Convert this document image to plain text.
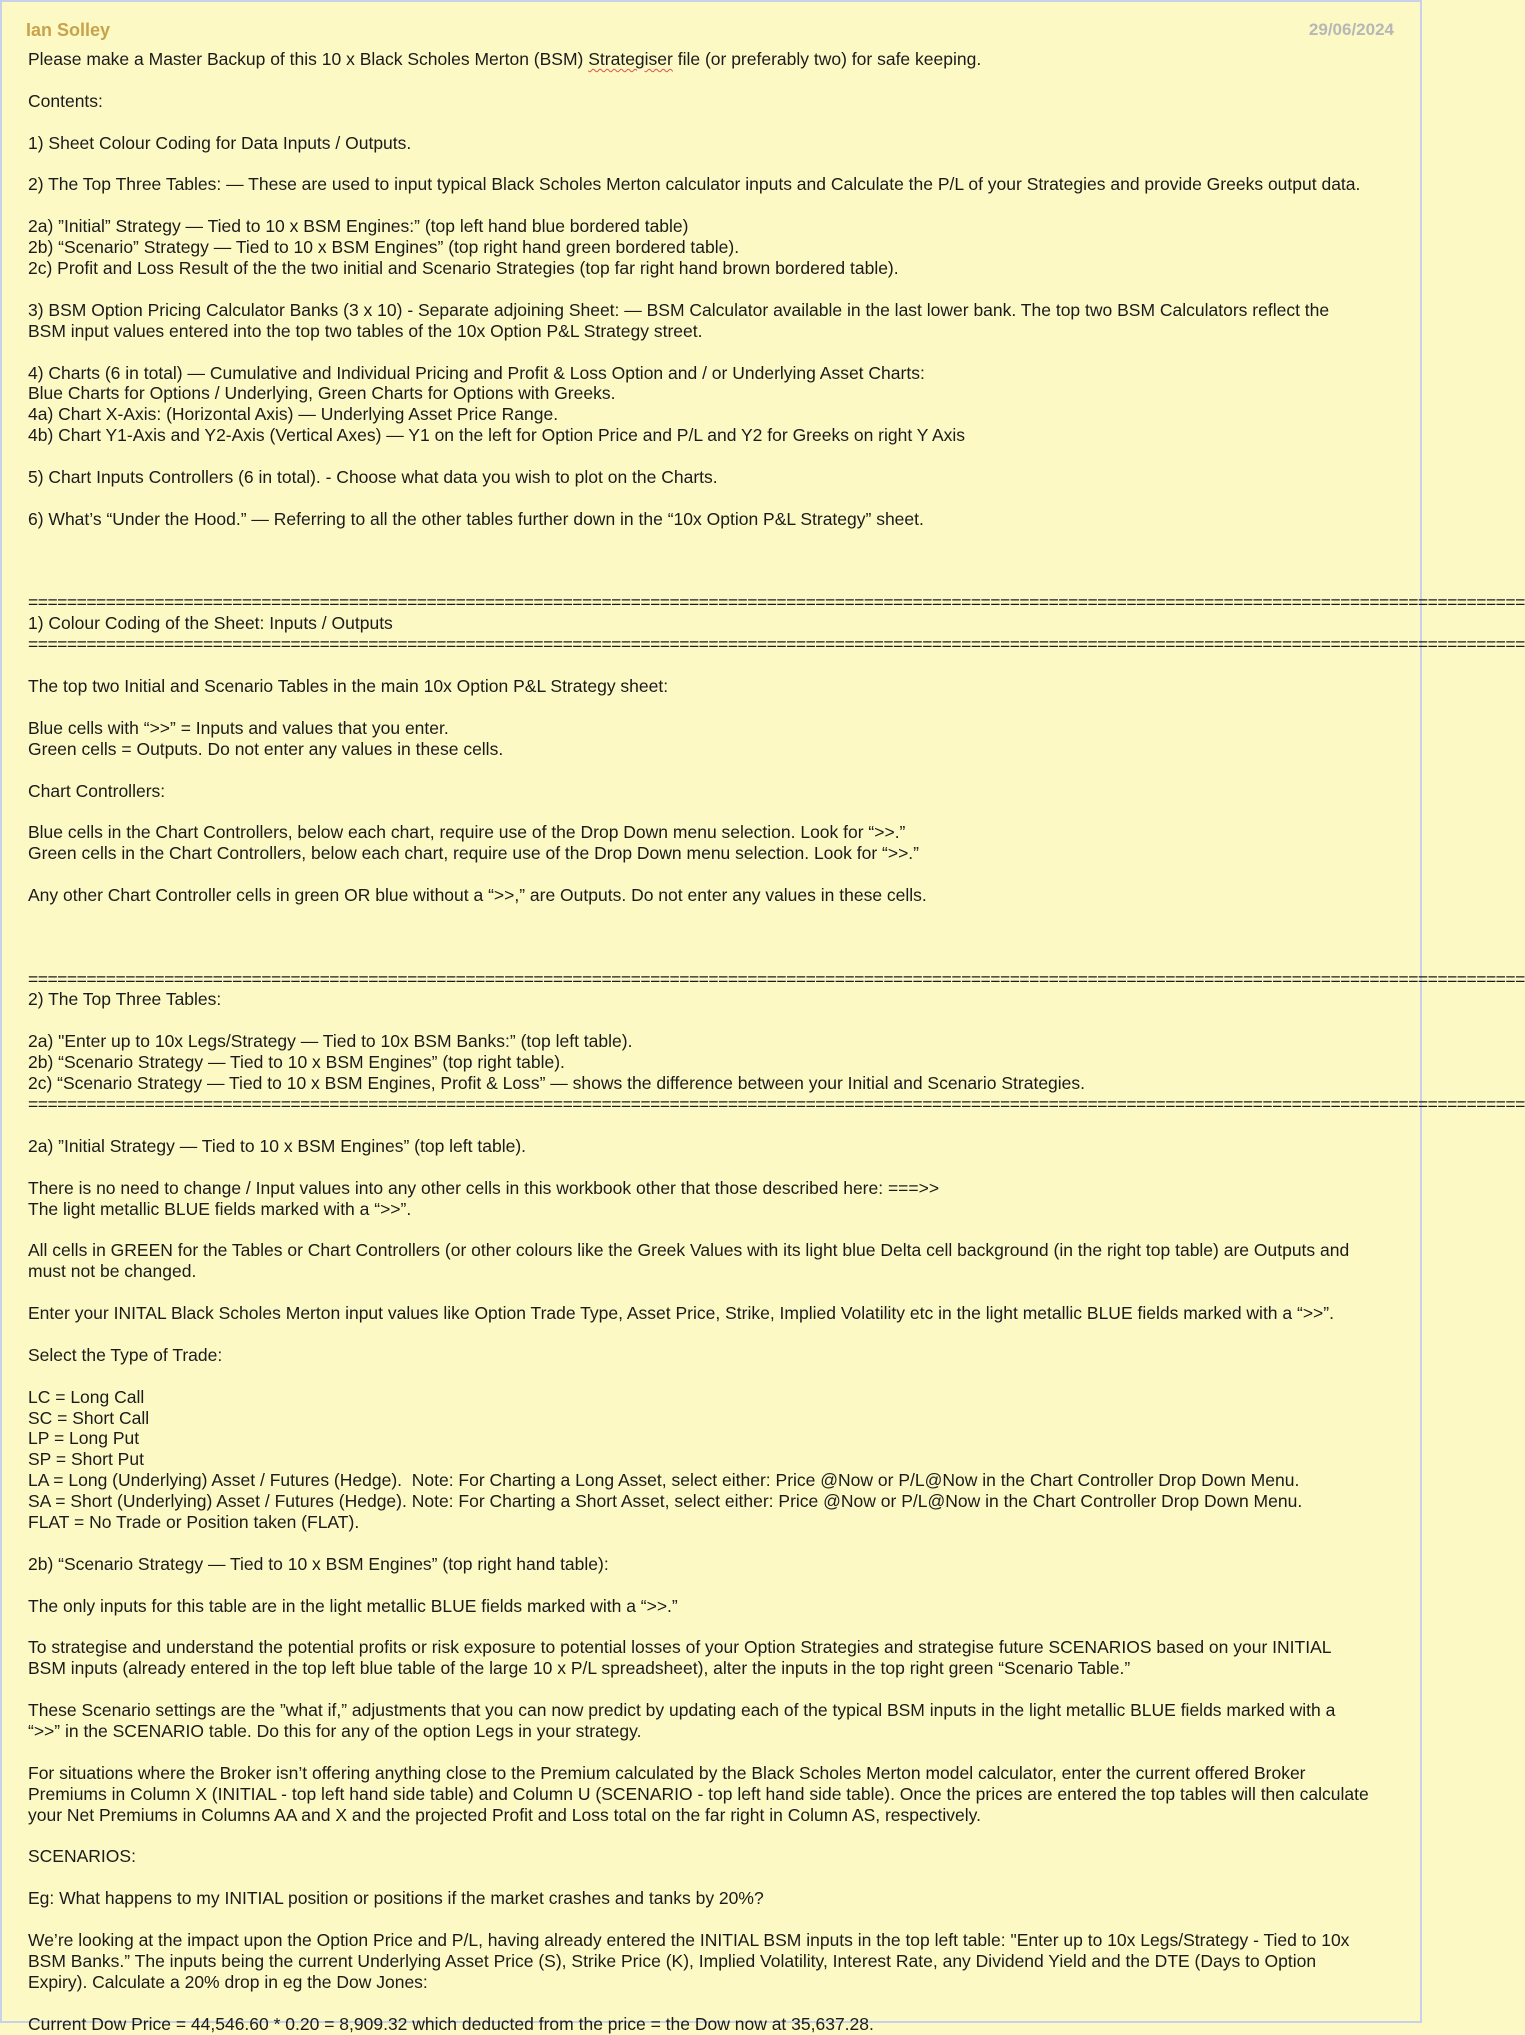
Ian Solley	29/06/2024
Please make a Master Backup of this 10 x Black Scholes Merton (BSM) Strategiser file (or preferably two) for safe keeping.
Contents:
1) Sheet Colour Coding for Data Inputs / Outputs.
2) The Top Three Tables: — These are used to input typical Black Scholes Merton calculator inputs and Calculate the P/L of your Strategies and provide Greeks output data.
2a) ”Initial” Strategy — Tied to 10 x BSM Engines:” (top left hand blue bordered table)
2b) “Scenario” Strategy — Tied to 10 x BSM Engines” (top right hand green bordered table).
2c) Profit and Loss Result of the the two initial and Scenario Strategies (top far right hand brown bordered table).
3) BSM Option Pricing Calculator Banks (3 x 10) - Separate adjoining Sheet: — BSM Calculator available in the last lower bank. The top two BSM Calculators reflect the
BSM input values entered into the top two tables of the 10x Option P&L Strategy street.
4) Charts (6 in total) — Cumulative and Individual Pricing and Profit & Loss Option and / or Underlying Asset Charts:
Blue Charts for Options / Underlying, Green Charts for Options with Greeks.
4a) Chart X-Axis: (Horizontal Axis) — Underlying Asset Price Range.
4b) Chart Y1-Axis and Y2-Axis (Vertical Axes) — Y1 on the left for Option Price and P/L and Y2 for Greeks on right Y Axis
5) Chart Inputs Controllers (6 in total). - Choose what data you wish to plot on the Charts.
6) What’s “Under the Hood.” — Referring to all the other tables further down in the “10x Option P&L Strategy” sheet.
==========================================================================================================================================================
1) Colour Coding of the Sheet: Inputs / Outputs
==========================================================================================================================================================
The top two Initial and Scenario Tables in the main 10x Option P&L Strategy sheet:
Blue cells with “>>” = Inputs and values that you enter.
Green cells = Outputs. Do not enter any values in these cells.
Chart Controllers:
Blue cells in the Chart Controllers, below each chart, require use of the Drop Down menu selection. Look for “>>.”
Green cells in the Chart Controllers, below each chart, require use of the Drop Down menu selection. Look for “>>.”
Any other Chart Controller cells in green OR blue without a “>>,” are Outputs. Do not enter any values in these cells.
==========================================================================================================================================================
2) The Top Three Tables:
2a) "Enter up to 10x Legs/Strategy — Tied to 10x BSM Banks:” (top left table).
2b) “Scenario Strategy — Tied to 10 x BSM Engines” (top right table).
2c) “Scenario Strategy — Tied to 10 x BSM Engines, Profit & Loss” — shows the difference between your Initial and Scenario Strategies.
==========================================================================================================================================================
2a) ”Initial Strategy — Tied to 10 x BSM Engines” (top left table).
There is no need to change / Input values into any other cells in this workbook other that those described here: ===>>
The light metallic BLUE fields marked with a “>>”.
All cells in GREEN for the Tables or Chart Controllers (or other colours like the Greek Values with its light blue Delta cell background (in the right top table) are Outputs and
must not be changed.
Enter your INITAL Black Scholes Merton input values like Option Trade Type, Asset Price, Strike, Implied Volatility etc in the light metallic BLUE fields marked with a “>>”.
Select the Type of Trade:
LC = Long Call
SC = Short Call
LP = Long Put
SP = Short Put
LA = Long (Underlying) Asset / Futures (Hedge).  Note: For Charting a Long Asset, select either: Price @Now or P/L@Now in the Chart Controller Drop Down Menu.
SA = Short (Underlying) Asset / Futures (Hedge). Note: For Charting a Short Asset, select either: Price @Now or P/L@Now in the Chart Controller Drop Down Menu.
FLAT = No Trade or Position taken (FLAT).
2b) “Scenario Strategy — Tied to 10 x BSM Engines” (top right hand table):
The only inputs for this table are in the light metallic BLUE fields marked with a “>>.”
To strategise and understand the potential profits or risk exposure to potential losses of your Option Strategies and strategise future SCENARIOS based on your INITIAL
BSM inputs (already entered in the top left blue table of the large 10 x P/L spreadsheet), alter the inputs in the top right green “Scenario Table.”
These Scenario settings are the ”what if,” adjustments that you can now predict by updating each of the typical BSM inputs in the light metallic BLUE fields marked with a
“>>” in the SCENARIO table. Do this for any of the option Legs in your strategy.
For situations where the Broker isn’t offering anything close to the Premium calculated by the Black Scholes Merton model calculator, enter the current offered Broker
Premiums in Column X (INITIAL - top left hand side table) and Column U (SCENARIO - top left hand side table). Once the prices are entered the top tables will then calculate
your Net Premiums in Columns AA and X and the projected Profit and Loss total on the far right in Column AS, respectively.
SCENARIOS:
Eg: What happens to my INITIAL position or positions if the market crashes and tanks by 20%?
We’re looking at the impact upon the Option Price and P/L, having already entered the INITIAL BSM inputs in the top left table: "Enter up to 10x Legs/Strategy - Tied to 10x
BSM Banks.” The inputs being the current Underlying Asset Price (S), Strike Price (K), Implied Volatility, Interest Rate, any Dividend Yield and the DTE (Days to Option
Expiry). Calculate a 20% drop in eg the Dow Jones:
Current Dow Price = 44,546.60 * 0.20 = 8,909.32 which deducted from the price = the Dow now at 35,637.28.
